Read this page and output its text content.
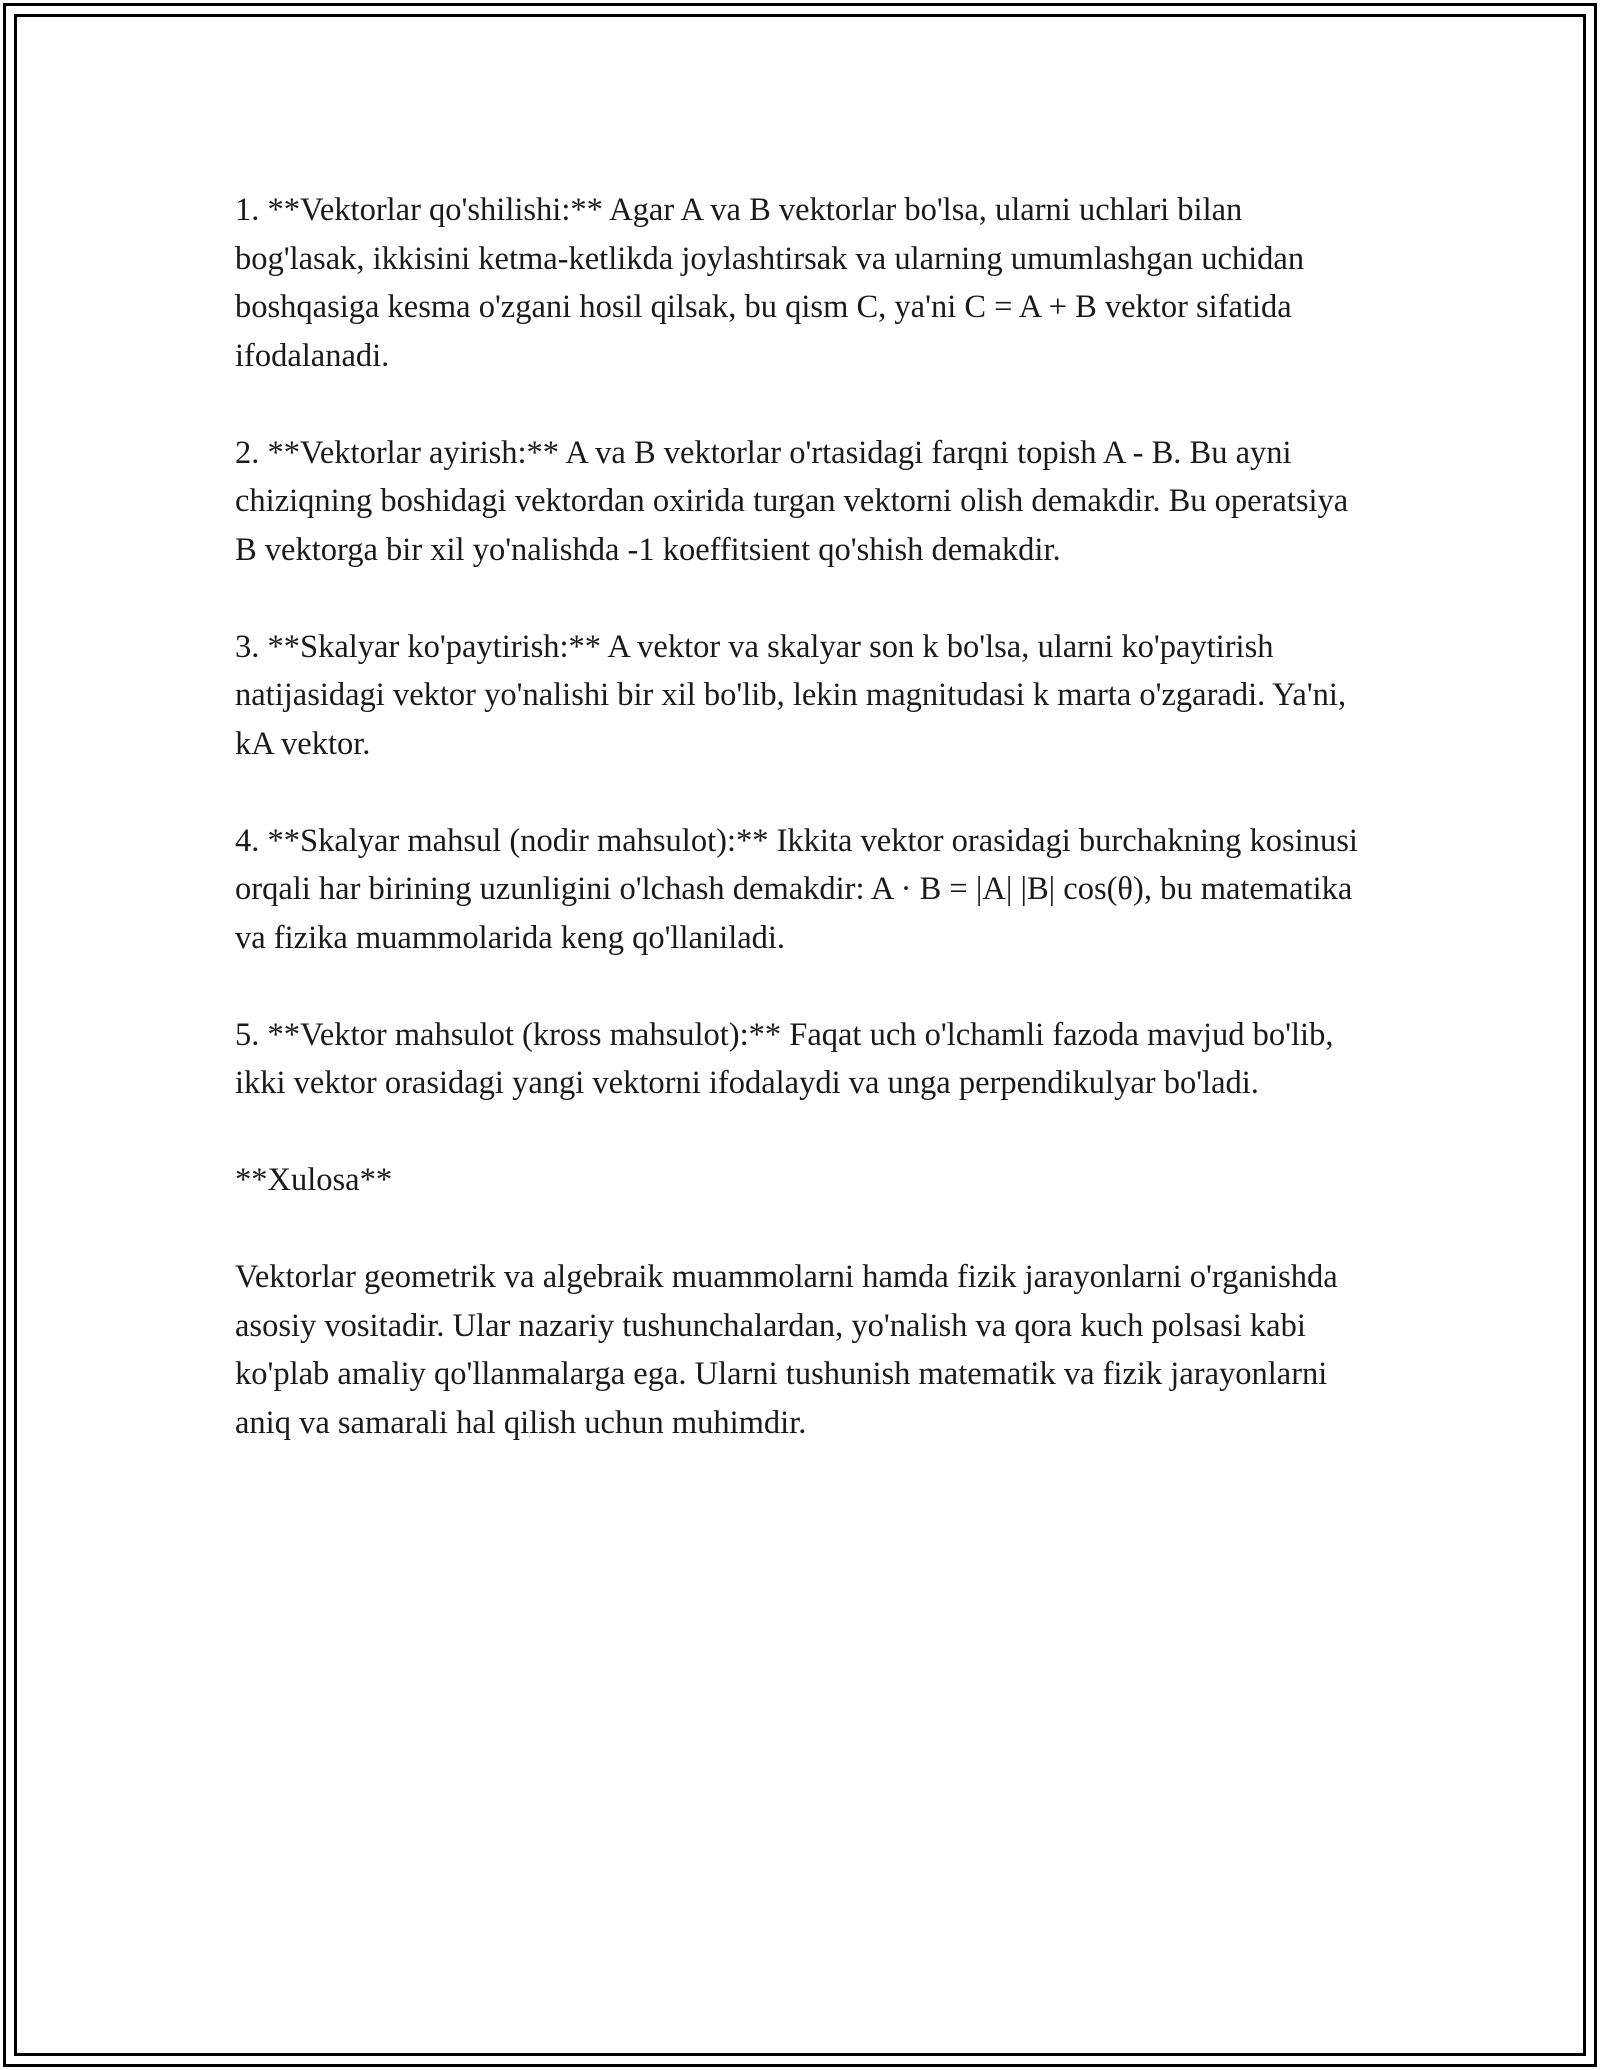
1. **Vektorlar qo'shilishi:** Agar A va B vektorlar bo'lsa, ularni uchlari bilan bog'lasak, ikkisini ketma-ketlikda joylashtirsak va ularning umumlashgan uchidan boshqasiga kesma o'zgani hosil qilsak, bu qism C, ya'ni C = A + B vektor sifatida ifodalanadi.

2. **Vektorlar ayirish:** A va B vektorlar o'rtasidagi farqni topish A - B. Bu ayni chiziqning boshidagi vektordan oxirida turgan vektorni olish demakdir. Bu operatsiya B vektorga bir xil yo'nalishda -1 koeffitsient qo'shish demakdir.

3. **Skalyar ko'paytirish:** A vektor va skalyar son k bo'lsa, ularni ko'paytirish natijasidagi vektor yo'nalishi bir xil bo'lib, lekin magnitudasi k marta o'zgaradi. Ya'ni, kA vektor.

4. **Skalyar mahsul (nodir mahsulot):** Ikkita vektor orasidagi burchakning kosinusi orqali har birining uzunligini o'lchash demakdir: A · B = |A| |B| cos(θ), bu matematika va fizika muammolarida keng qo'llaniladi.

5. **Vektor mahsulot (kross mahsulot):** Faqat uch o'lchamli fazoda mavjud bo'lib, ikki vektor orasidagi yangi vektorni ifodalaydi va unga perpendikulyar bo'ladi.

**Xulosa**

Vektorlar geometrik va algebraik muammolarni hamda fizik jarayonlarni o'rganishda asosiy vositadir. Ular nazariy tushunchalardan, yo'nalish va qora kuch polsasi kabi ko'plab amaliy qo'llanmalarga ega. Ularni tushunish matematik va fizik jarayonlarni aniq va samarali hal qilish uchun muhimdir.
